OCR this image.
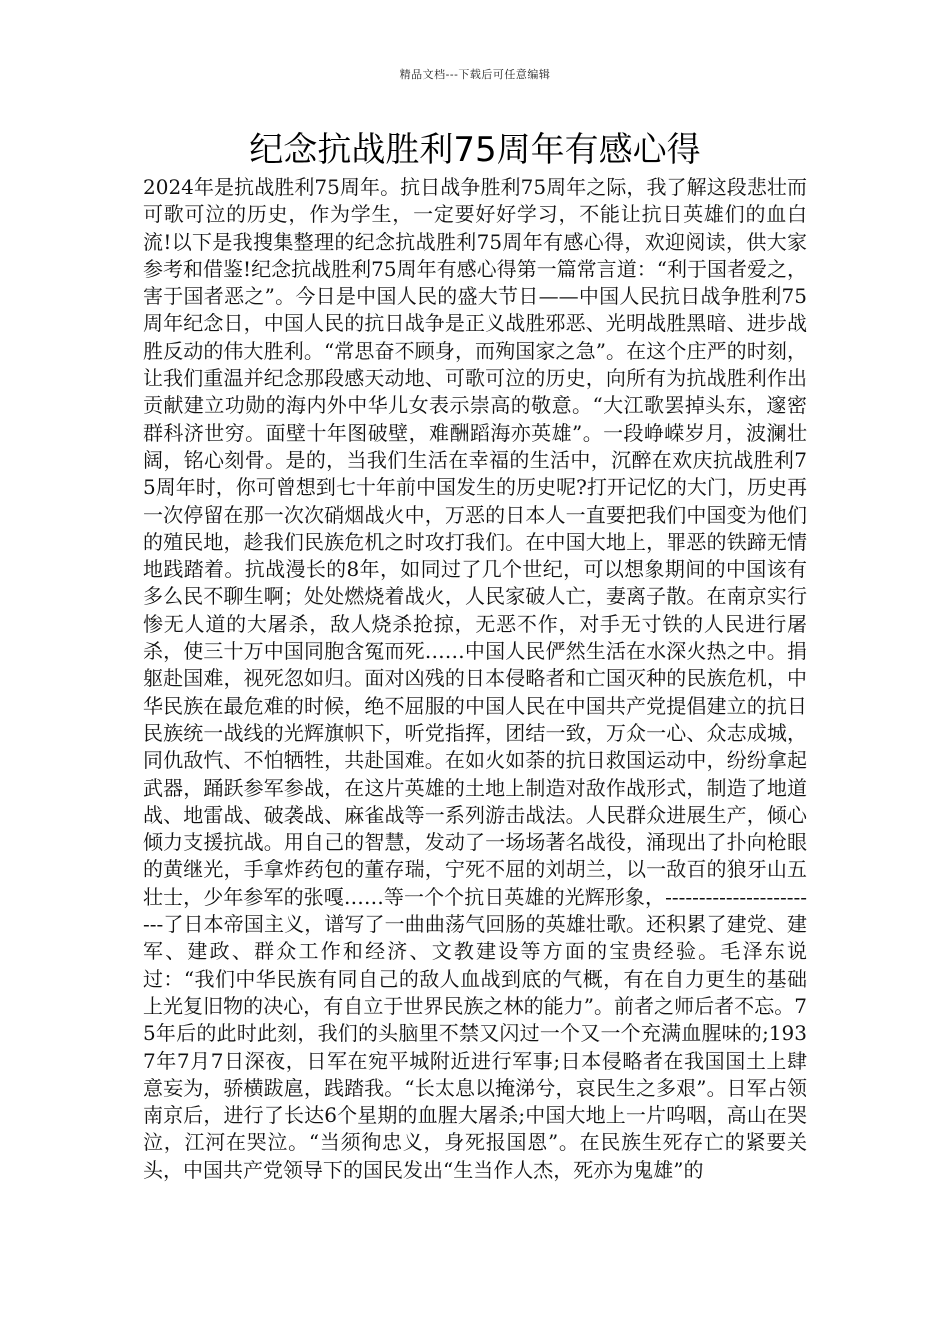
精品文档---下载后可任意编辑
纪念抗战胜利75周年有感心得

2024年是抗战胜利75周年。抗日战争胜利75周年之际，我了解这段悲壮而可歌可泣的历史，作为学生，一定要好好学习，不能让抗日英雄们的血白流!以下是我搜集整理的纪念抗战胜利75周年有感心得，欢迎阅读，供大家参考和借鉴!纪念抗战胜利75周年有感心得第一篇常言道：“利于国者爱之，害于国者恶之”。今日是中国人民的盛大节日——中国人民抗日战争胜利75周年纪念日，中国人民的抗日战争是正义战胜邪恶、光明战胜黑暗、进步战胜反动的伟大胜利。“常思奋不顾身，而殉国家之急”。在这个庄严的时刻，让我们重温并纪念那段感天动地、可歌可泣的历史，向所有为抗战胜利作出贡献建立功勋的海内外中华儿女表示崇高的敬意。“大江歌罢掉头东，邃密群科济世穷。面壁十年图破壁，难酬蹈海亦英雄”。一段峥嵘岁月，波澜壮阔，铭心刻骨。是的，当我们生活在幸福的生活中，沉醉在欢庆抗战胜利75周年时，你可曾想到七十年前中国发生的历史呢?打开记忆的大门，历史再一次停留在那一次次硝烟战火中，万恶的日本人一直要把我们中国变为他们的殖民地，趁我们民族危机之时攻打我们。在中国大地上，罪恶的铁蹄无情地践踏着。抗战漫长的8年，如同过了几个世纪，可以想象期间的中国该有多么民不聊生啊；处处燃烧着战火，人民家破人亡，妻离子散。在南京实行惨无人道的大屠杀，敌人烧杀抢掠，无恶不作，对手无寸铁的人民进行屠杀，使三十万中国同胞含冤而死……中国人民俨然生活在水深火热之中。捐躯赴国难，视死忽如归。面对凶残的日本侵略者和亡国灭种的民族危机，中华民族在最危难的时候，绝不屈服的中国人民在中国共产党提倡建立的抗日民族统一战线的光辉旗帜下，听党指挥，团结一致，万众一心、众志成城，同仇敌忾、不怕牺牲，共赴国难。在如火如荼的抗日救国运动中，纷纷拿起武器，踊跃参军参战，在这片英雄的土地上制造对敌作战形式，制造了地道战、地雷战、破袭战、麻雀战等一系列游击战法。人民群众进展生产，倾心倾力支援抗战。用自己的智慧，发动了一场场著名战役，涌现出了扑向枪眼的黄继光，手拿炸药包的董存瑞，宁死不屈的刘胡兰，以一敌百的狼牙山五壮士，少年参军的张嘎……等一个个抗日英雄的光辉形象，------------------------了日本帝国主义，谱写了一曲曲荡气回肠的英雄壮歌。还积累了建党、建军、建政、群众工作和经济、文教建设等方面的宝贵经验。毛泽东说过：“我们中华民族有同自己的敌人血战到底的气概，有在自力更生的基础上光复旧物的决心，有自立于世界民族之林的能力”。前者之师后者不忘。75年后的此时此刻，我们的头脑里不禁又闪过一个又一个充满血腥味的;1937年7月7日深夜，日军在宛平城附近进行军事;日本侵略者在我国国土上肆意妄为，骄横跋扈，践踏我。“长太息以掩涕兮，哀民生之多艰”。日军占领南京后，进行了长达6个星期的血腥大屠杀;中国大地上一片呜咽，高山在哭泣，江河在哭泣。“当须徇忠义，身死报国恩”。在民族生死存亡的紧要关头，中国共产党领导下的国民发出“生当作人杰，死亦为鬼雄”的
